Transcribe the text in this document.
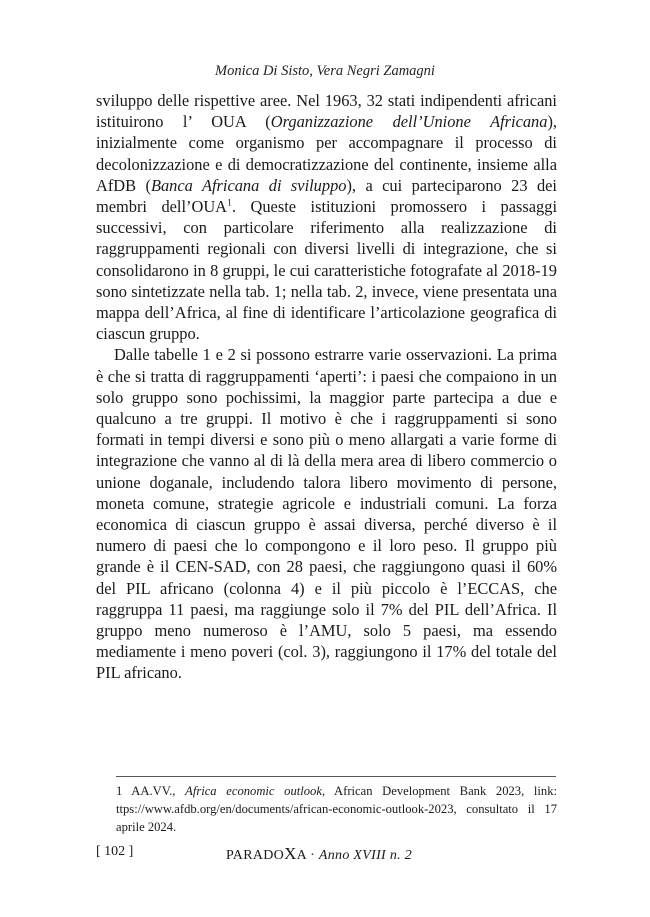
Monica Di Sisto, Vera Negri Zamagni

sviluppo delle rispettive aree. Nel 1963, 32 stati indipendenti africani istituirono l’ OUA (Organizzazione dell’Unione Africana), inizialmente come organismo per accompagnare il processo di decolonizzazione e di democratizzazione del continente, insieme alla AfDB (Banca Africana di sviluppo), a cui parteciparono 23 dei membri dell’OUA$^1$. Queste istituzioni promossero i passaggi successivi, con particolare riferimento alla realizzazione di raggruppamenti regionali con diversi livelli di integrazione, che si consolidarono in 8 gruppi, le cui caratteristiche fotografate al 2018-19 sono sintetizzate nella tab. 1; nella tab. 2, invece, viene presentata una mappa dell’Africa, al fine di identificare l’articolazione geografica di ciascun gruppo.

Dalle tabelle 1 e 2 si possono estrarre varie osservazioni. La prima è che si tratta di raggruppamenti ‘aperti’: i paesi che compaiono in un solo gruppo sono pochissimi, la maggior parte partecipa a due e qualcuno a tre gruppi. Il motivo è che i raggruppamenti si sono formati in tempi diversi e sono più o meno allargati a varie forme di integrazione che vanno al di là della mera area di libero commercio o unione doganale, includendo talora libero movimento di persone, moneta comune, strategie agricole e industriali comuni. La forza economica di ciascun gruppo è assai diversa, perché diverso è il numero di paesi che lo compongono e il loro peso. Il gruppo più grande è il CEN-SAD, con 28 paesi, che raggiungono quasi il 60% del PIL africano (colonna 4) e il più piccolo è l’ECCAS, che raggruppa 11 paesi, ma raggiunge solo il 7% del PIL dell’Africa. Il gruppo meno numeroso è l’AMU, solo 5 paesi, ma essendo mediamente i meno poveri (col. 3), raggiungono il 17% del totale del PIL africano.

1 AA.VV., Africa economic outlook, African Development Bank 2023, link: ttps://www.afdb.org/en/documents/african-economic-outlook-2023, consultato il 17 aprile 2024.
[ 102 ]	PARADOXA · Anno XVIII n. 2
